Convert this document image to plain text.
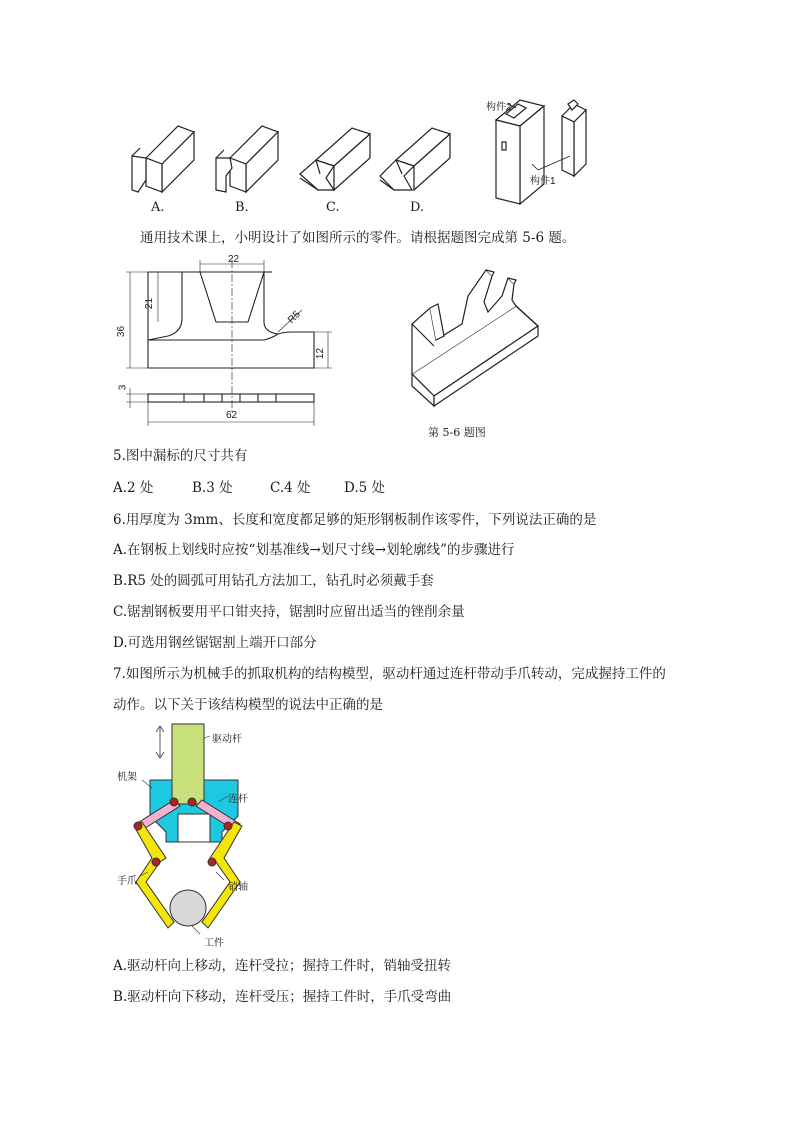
A.	B.	C.	D.
构件2
构件1
通用技术课上，小明设计了如图所示的零件。请根据题图完成第 5-6 题。
22
21
36
R5
12
3
62
第 5-6 题图
5.图中漏标的尺寸共有
A.2 处	B.3 处	C.4 处 D.5 处
6.用厚度为 3mm、长度和宽度都足够的矩形钢板制作该零件，下列说法正确的是
A.在钢板上划线时应按“划基准线→划尺寸线→划轮廓线”的步骤进行
B.R5 处的圆弧可用钻孔方法加工，钻孔时必须戴手套
C.锯割钢板要用平口钳夹持，锯割时应留出适当的锉削余量
D.可选用钢丝锯锯割上端开口部分
7.如图所示为机械手的抓取机构的结构模型，驱动杆通过连杆带动手爪转动，完成握持工件的
动作。以下关于该结构模型的说法中正确的是
驱动杆
机架
连杆
手爪
销轴
工件
A.驱动杆向上移动，连杆受拉；握持工件时，销轴受扭转
B.驱动杆向下移动，连杆受压；握持工件时，手爪受弯曲
